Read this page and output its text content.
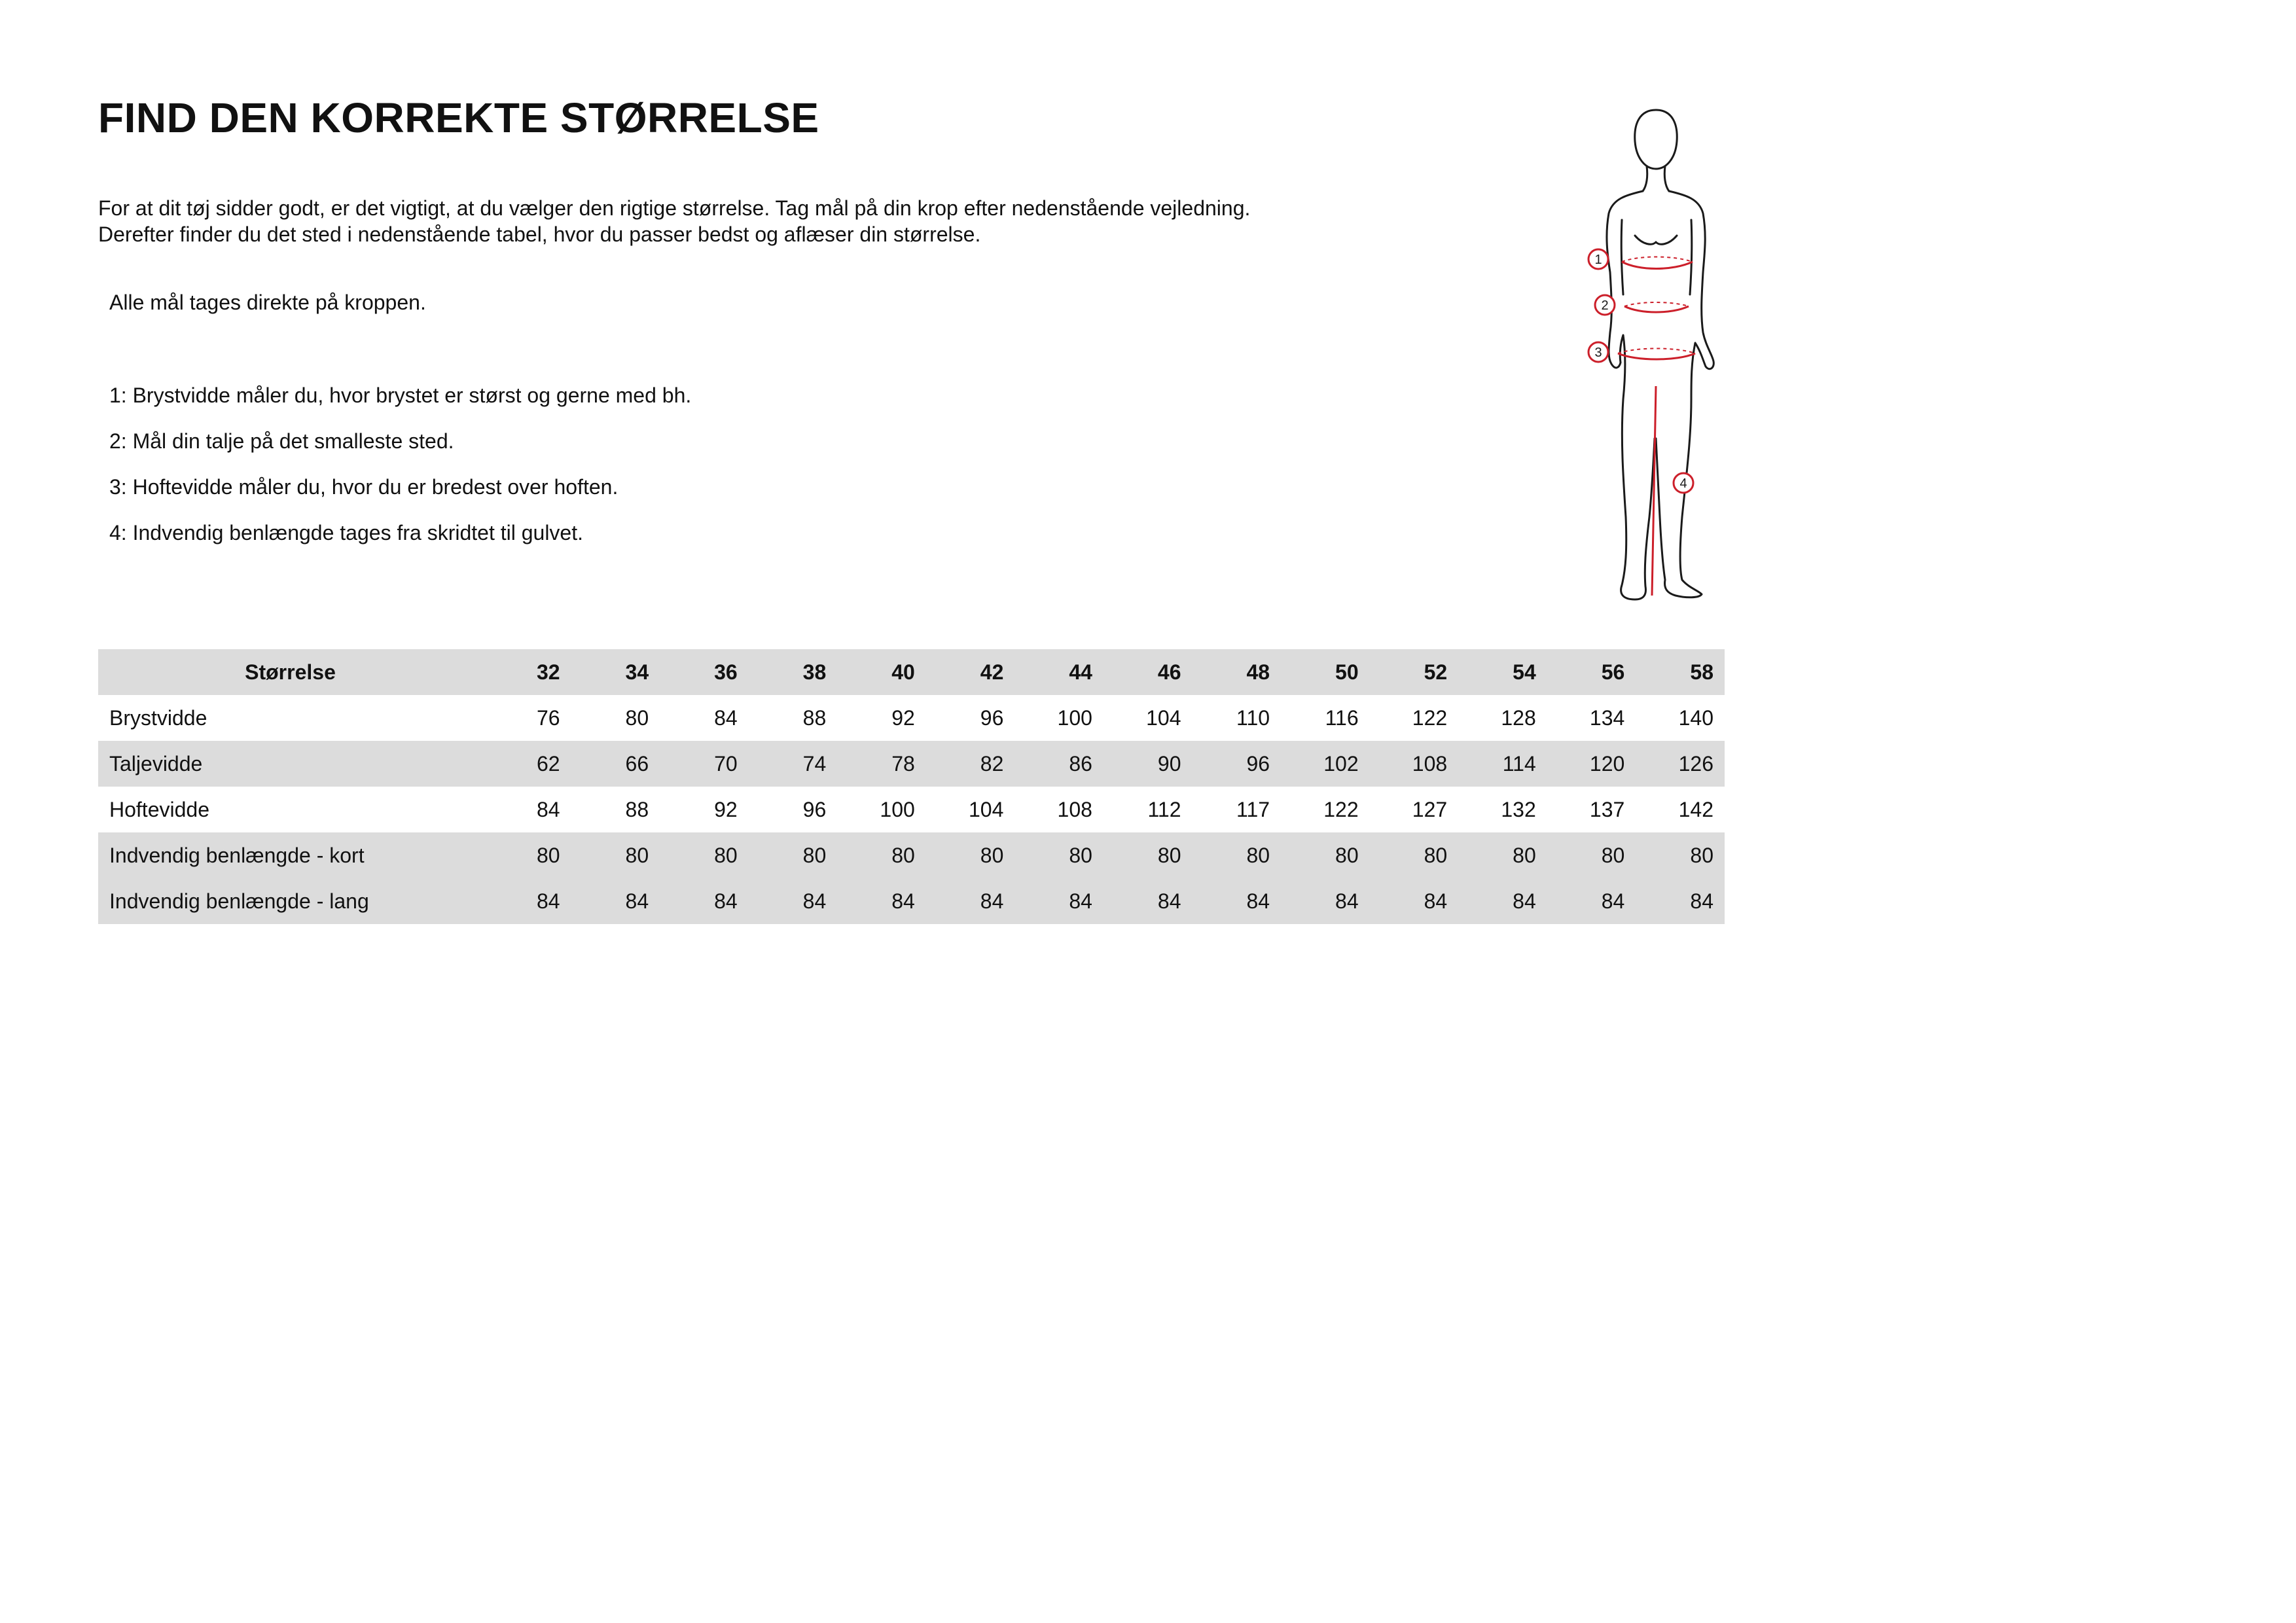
FIND DEN KORREKTE STØRRELSE
For at dit tøj sidder godt, er det vigtigt, at du vælger den rigtige størrelse. Tag mål på din krop efter nedenstående vejledning.
Derefter finder du det sted i nedenstående tabel, hvor du passer bedst og aflæser din størrelse.
Alle mål tages direkte på kroppen.
1: Brystvidde måler du, hvor brystet er størst og gerne med bh.
2: Mål din talje på det smalleste sted.
3: Hoftevidde måler du, hvor du er bredest over hoften.
4: Indvendig benlængde tages fra skridtet til gulvet.
1
2
3
4
Størrelse	32	34	36	38	40	42	44	46	48	50	52	54	56	58
Brystvidde	76	80	84	88	92	96	100	104	110	116	122	128	134	140
Taljevidde	62	66	70	74	78	82	86	90	96	102	108	114	120	126
Hoftevidde	84	88	92	96	100	104	108	112	117	122	127	132	137	142
Indvendig benlængde - kort	80	80	80	80	80	80	80	80	80	80	80	80	80	80
Indvendig benlængde - lang	84	84	84	84	84	84	84	84	84	84	84	84	84	84
